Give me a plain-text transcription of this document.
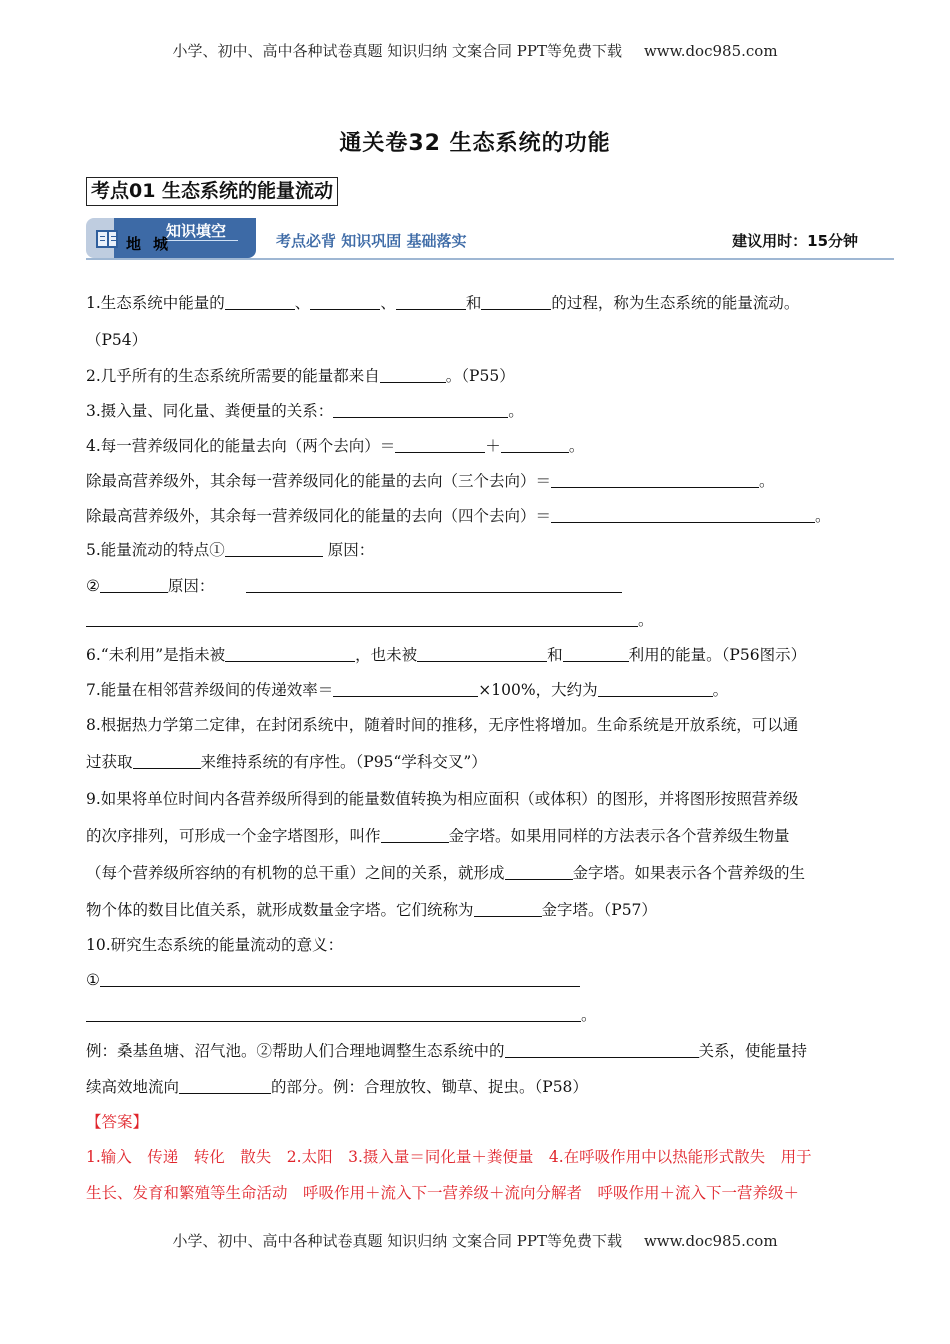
小学、初中、高中各种试卷真题 知识归纳 文案合同 PPT等免费下载 www.doc985.com
通关卷32 生态系统的功能
考点01 生态系统的能量流动
知识填空
地城	考点必背 知识巩固 基础落实	建议用时：15分钟
1.生态系统中能量的	、	、	和	的过程，称为生态系统的能量流动。
（P54）
2.几乎所有的生态系统所需要的能量都来自	。（P55）
3.摄入量、同化量、粪便量的关系：	。
4.每一营养级同化的能量去向（两个去向）＝	＋	。
除最高营养级外，其余每一营养级同化的能量的去向（三个去向）＝	。
除最高营养级外，其余每一营养级同化的能量的去向（四个去向）＝	。
5.能量流动的特点①	原因：
②	原因：
。
6.“未利用”是指未被	，也未被	和	利用的能量。（P56图示）
7.能量在相邻营养级间的传递效率＝	×100%，大约为	。
8.根据热力学第二定律，在封闭系统中，随着时间的推移，无序性将增加。生命系统是开放系统，可以通
过获取	来维持系统的有序性。（P95“学科交叉”）
9.如果将单位时间内各营养级所得到的能量数值转换为相应面积（或体积）的图形，并将图形按照营养级
的次序排列，可形成一个金字塔图形，叫作	金字塔。如果用同样的方法表示各个营养级生物量
（每个营养级所容纳的有机物的总干重）之间的关系，就形成	金字塔。如果表示各个营养级的生
物个体的数目比值关系，就形成数量金字塔。它们统称为	金字塔。（P57）
10.研究生态系统的能量流动的意义：
①
。
例：桑基鱼塘、沼气池。②帮助人们合理地调整生态系统中的	关系，使能量持
续高效地流向	的部分。例：合理放牧、锄草、捉虫。（P58）
【答案】
1.输入　传递　转化　散失　2.太阳　3.摄入量＝同化量＋粪便量　4.在呼吸作用中以热能形式散失　用于
生长、发育和繁殖等生命活动　呼吸作用＋流入下一营养级＋流向分解者　呼吸作用＋流入下一营养级＋
小学、初中、高中各种试卷真题 知识归纳 文案合同 PPT等免费下载 www.doc985.com
